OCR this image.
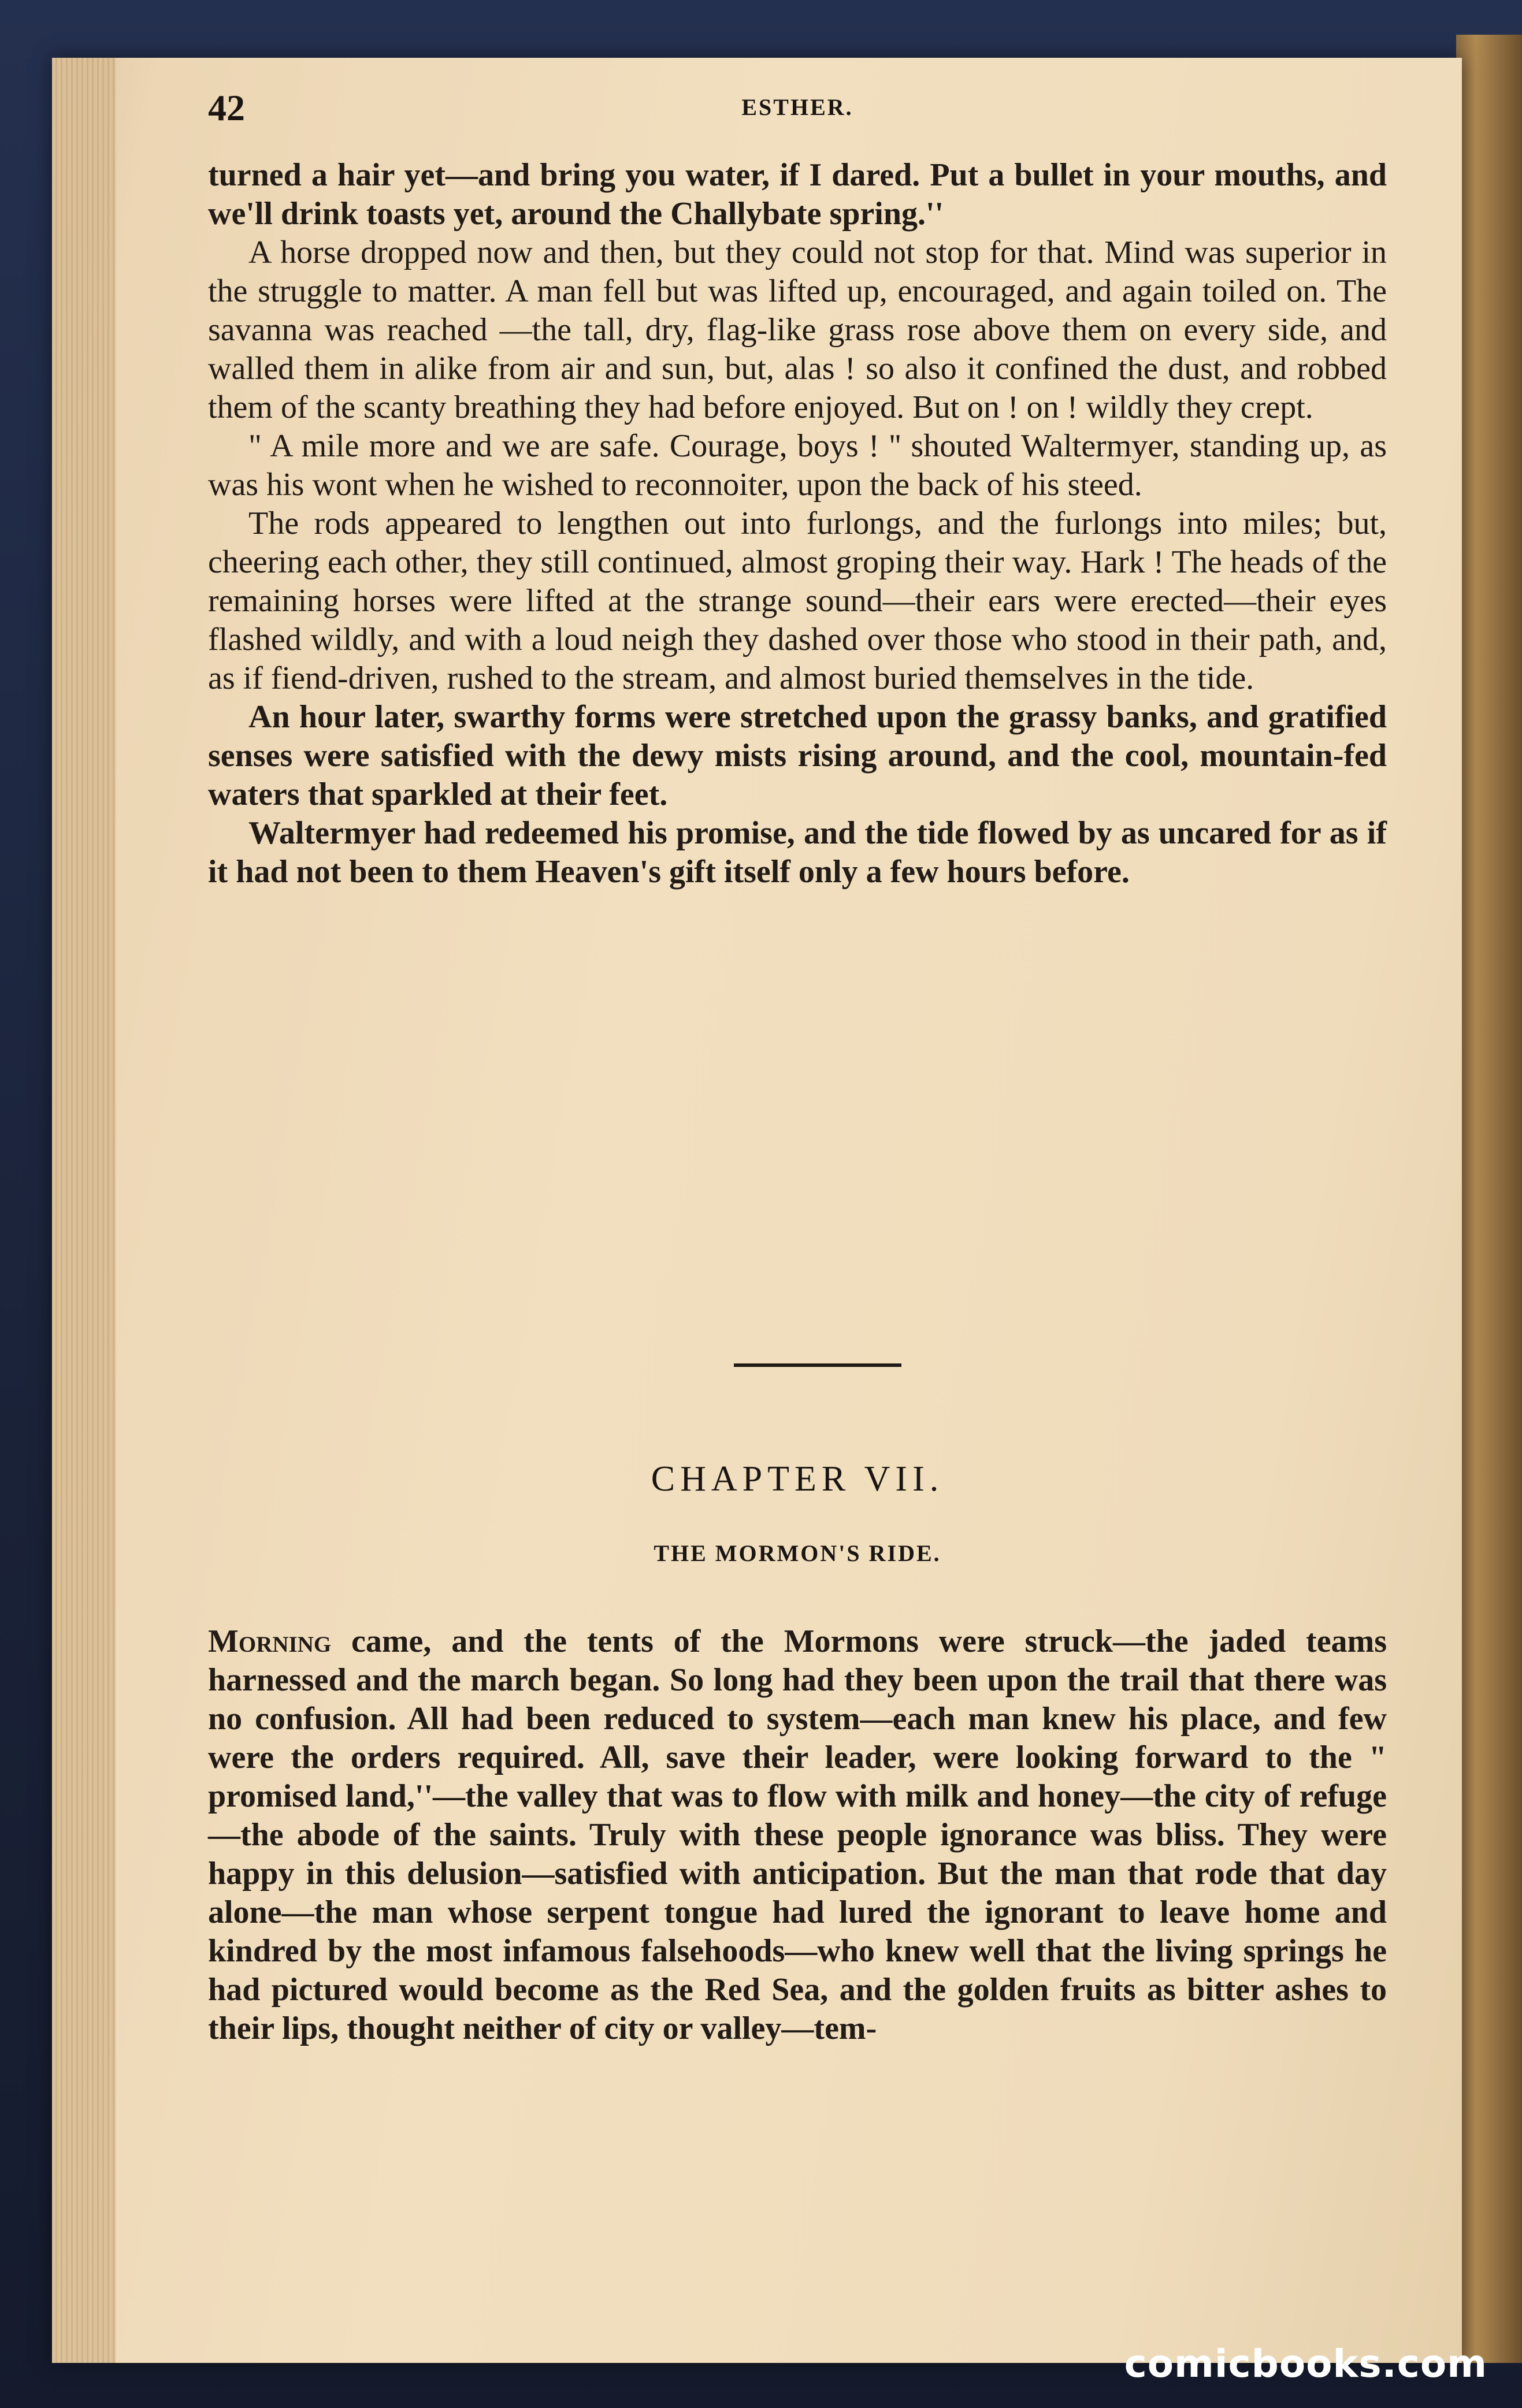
42	ESTHER.

turned a hair yet—and bring you water, if I dared. Put a bullet in your mouths, and we'll drink toasts yet, around the Challybate spring.''

A horse dropped now and then, but they could not stop for that. Mind was superior in the struggle to matter. A man fell but was lifted up, encouraged, and again toiled on. The savanna was reached —the tall, dry, flag-like grass rose above them on every side, and walled them in alike from air and sun, but, alas ! so also it confined the dust, and robbed them of the scanty breathing they had before enjoyed. But on ! on ! wildly they crept.

" A mile more and we are safe. Courage, boys ! '' shouted Waltermyer, standing up, as was his wont when he wished to reconnoiter, upon the back of his steed.

The rods appeared to lengthen out into furlongs, and the furlongs into miles; but, cheering each other, they still continued, almost groping their way. Hark ! The heads of the remaining horses were lifted at the strange sound—their ears were erected—their eyes flashed wildly, and with a loud neigh they dashed over those who stood in their path, and, as if fiend-driven, rushed to the stream, and almost buried themselves in the tide.

An hour later, swarthy forms were stretched upon the grassy banks, and gratified senses were satisfied with the dewy mists rising around, and the cool, mountain-fed waters that sparkled at their feet.

Waltermyer had redeemed his promise, and the tide flowed by as uncared for as if it had not been to them Heaven's gift itself only a few hours before.

CHAPTER VII.
THE MORMON'S RIDE.

Morning came, and the tents of the Mormons were struck—the jaded teams harnessed and the march began. So long had they been upon the trail that there was no confusion. All had been reduced to system—each man knew his place, and few were the orders required. All, save their leader, were looking forward to the " promised land,''—the valley that was to flow with milk and honey—the city of refuge—the abode of the saints. Truly with these people ignorance was bliss. They were happy in this delusion—satisfied with anticipation. But the man that rode that day alone—the man whose serpent tongue had lured the ignorant to leave home and kindred by the most infamous falsehoods—who knew well that the living springs he had pictured would become as the Red Sea, and the golden fruits as bitter ashes to their lips, thought neither of city or valley—tem-

comicbooks.com
